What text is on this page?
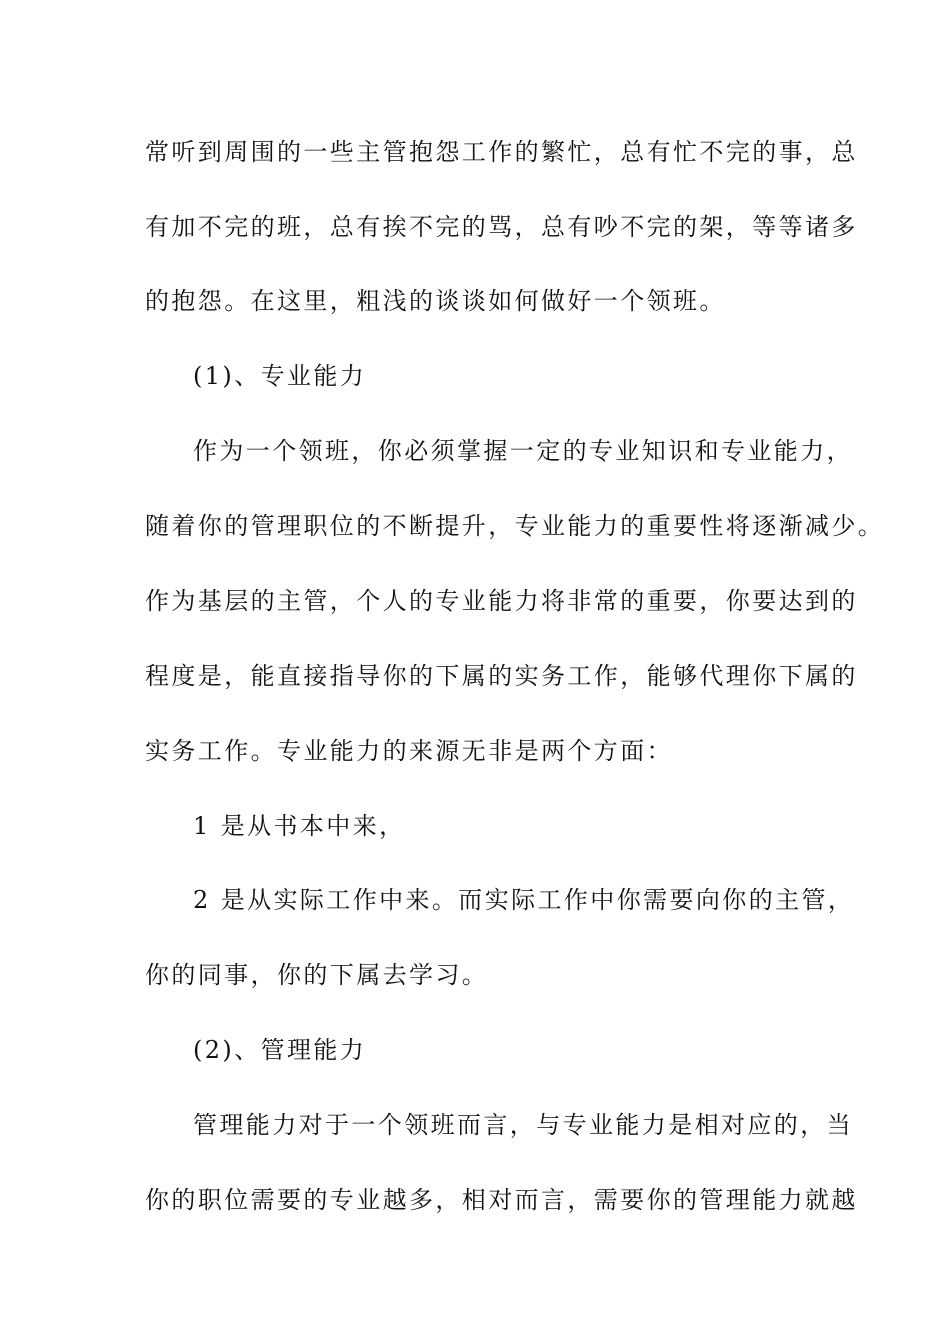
常听到周围的一些主管抱怨工作的繁忙，总有忙不完的事，总
有加不完的班，总有挨不完的骂，总有吵不完的架，等等诸多
的抱怨。在这里，粗浅的谈谈如何做好一个领班。
(1)、专业能力
作为一个领班，你必须掌握一定的专业知识和专业能力，
随着你的管理职位的不断提升，专业能力的重要性将逐渐减少。
作为基层的主管，个人的专业能力将非常的重要，你要达到的
程度是，能直接指导你的下属的实务工作，能够代理你下属的
实务工作。专业能力的来源无非是两个方面：
1 是从书本中来，
2 是从实际工作中来。而实际工作中你需要向你的主管，
你的同事，你的下属去学习。
(2)、管理能力
管理能力对于一个领班而言，与专业能力是相对应的，当
你的职位需要的专业越多，相对而言，需要你的管理能力就越
